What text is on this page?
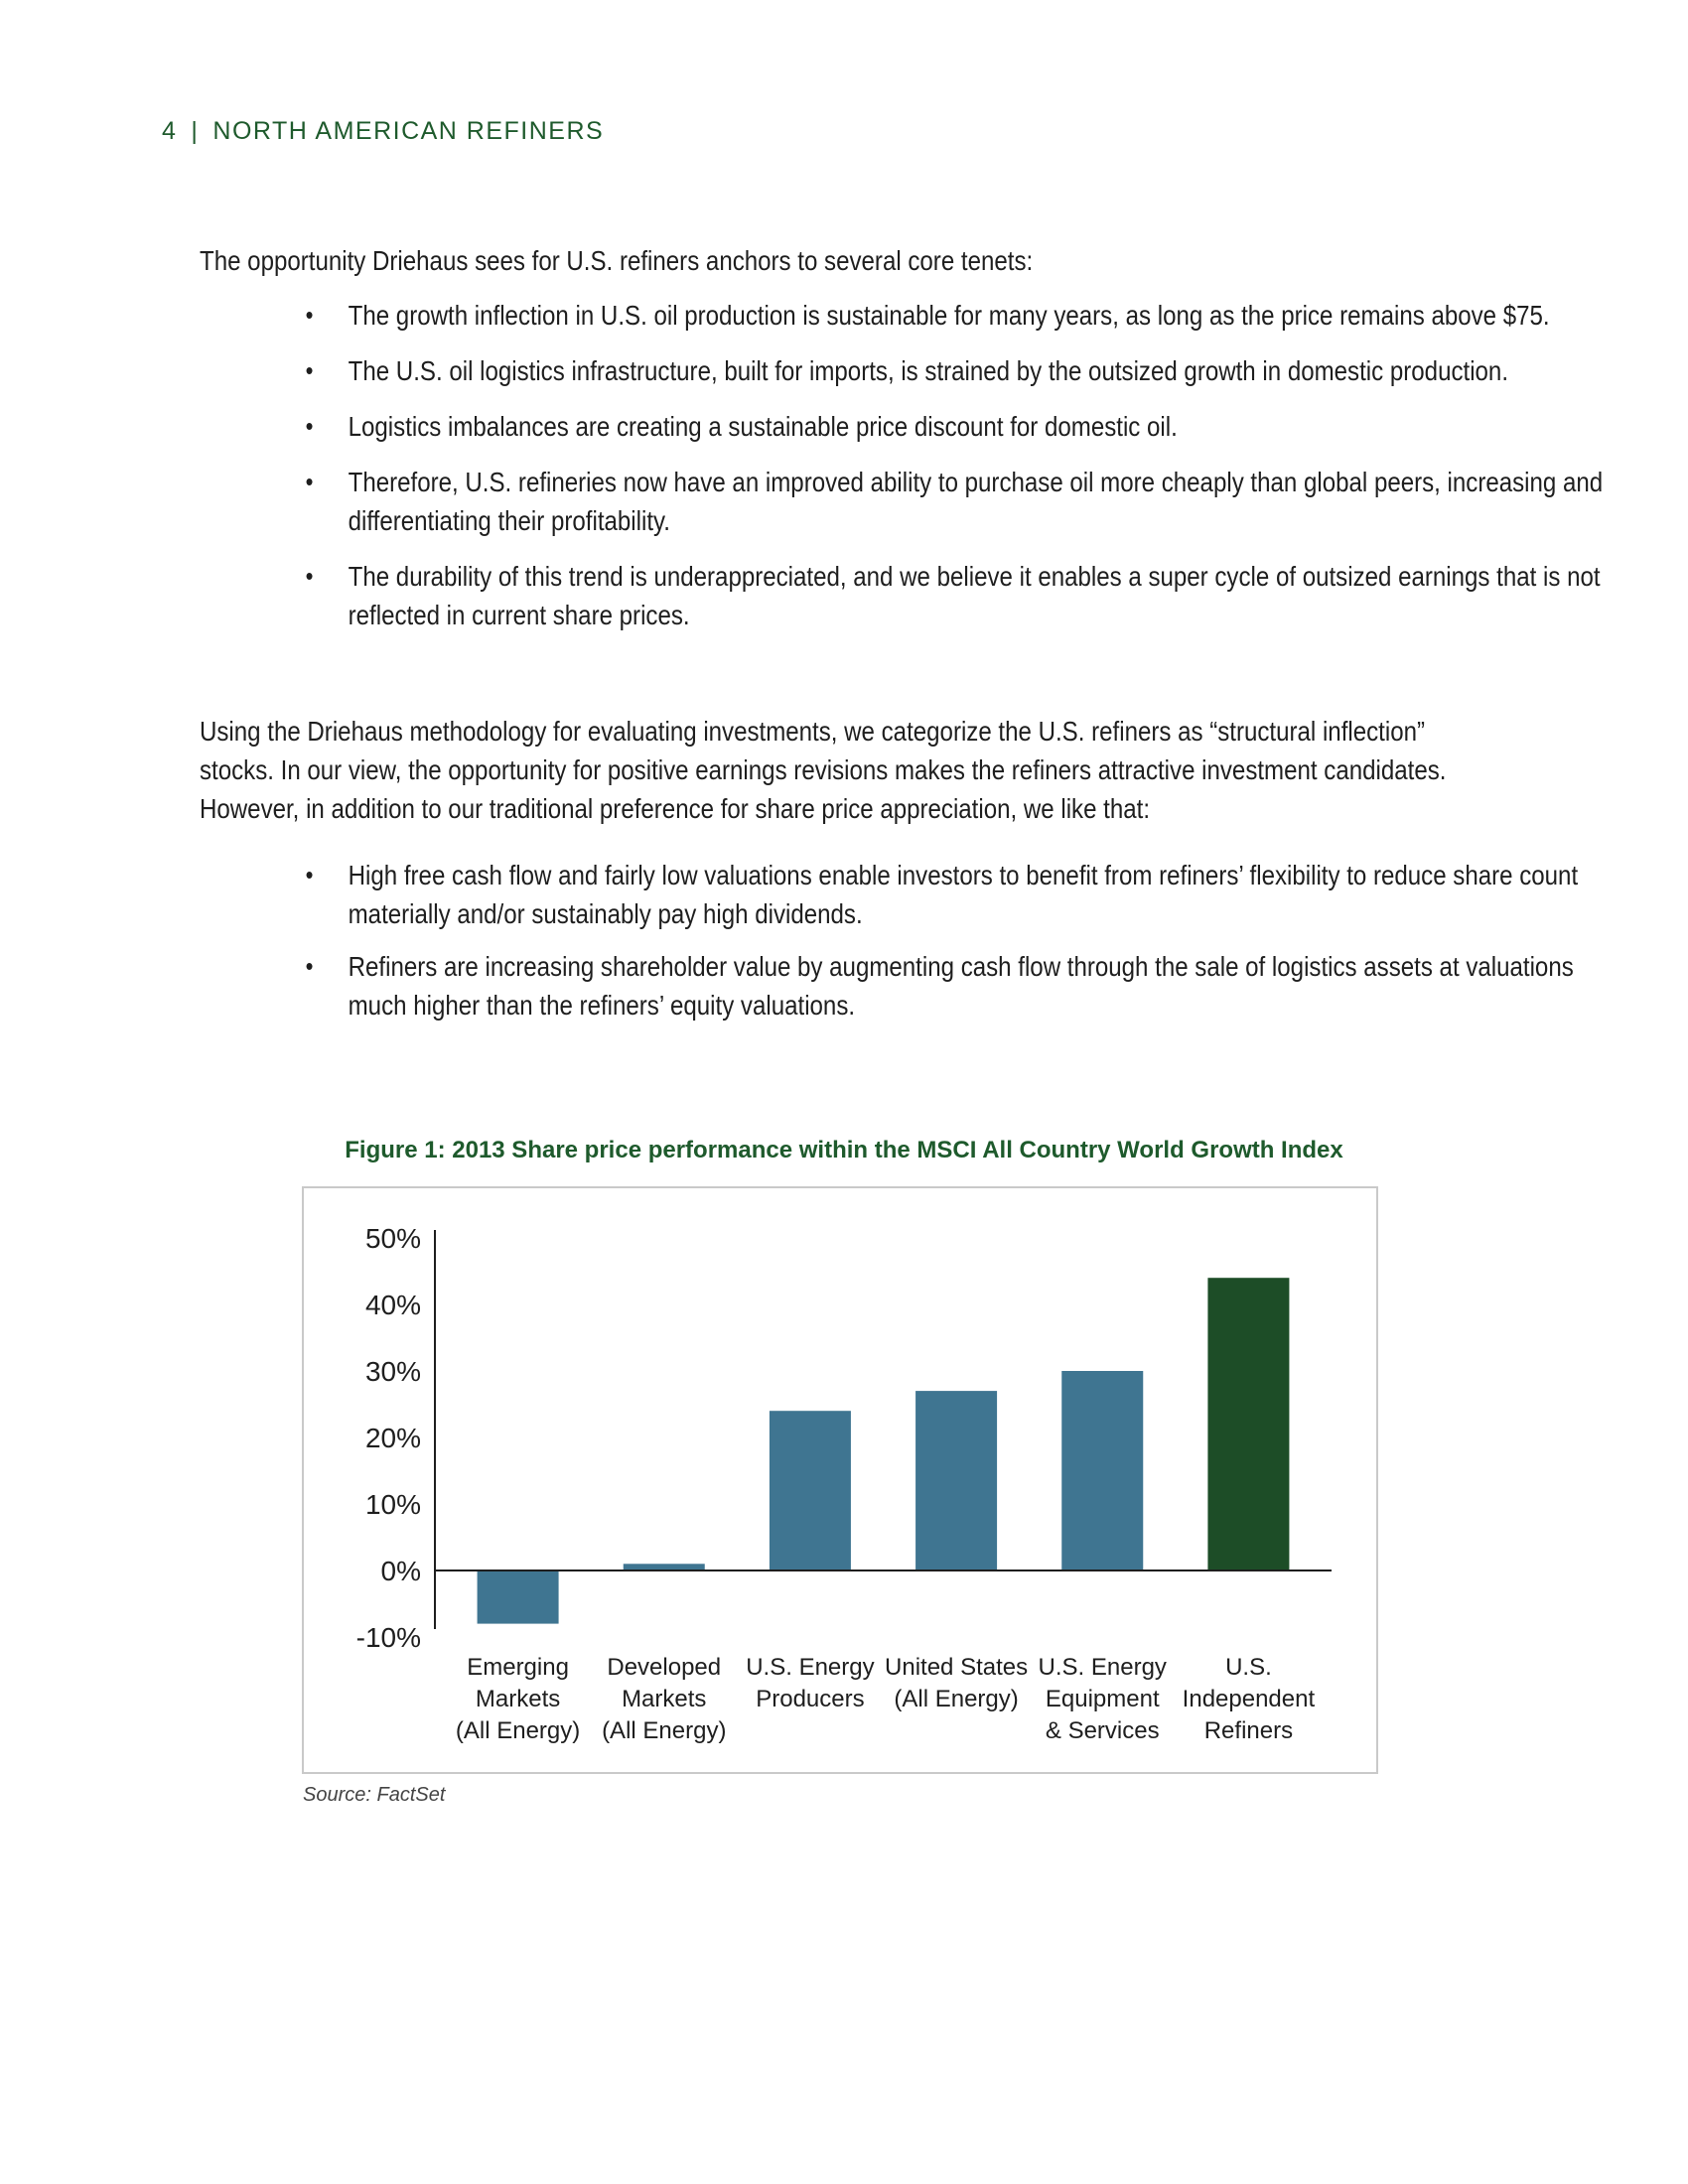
4 | NORTH AMERICAN REFINERS
The opportunity Driehaus sees for U.S. refiners anchors to several core tenets:
• The growth inflection in U.S. oil production is sustainable for many years, as long as the price remains above $75.
• The U.S. oil logistics infrastructure, built for imports, is strained by the outsized growth in domestic production.
• Logistics imbalances are creating a sustainable price discount for domestic oil.
• Therefore, U.S. refineries now have an improved ability to purchase oil more cheaply than global peers, increasing and differentiating their profitability.
• The durability of this trend is underappreciated, and we believe it enables a super cycle of outsized earnings that is not reflected in current share prices.
Using the Driehaus methodology for evaluating investments, we categorize the U.S. refiners as “structural inflection” stocks. In our view, the opportunity for positive earnings revisions makes the refiners attractive investment candidates. However, in addition to our traditional preference for share price appreciation, we like that:
• High free cash flow and fairly low valuations enable investors to benefit from refiners’ flexibility to reduce share count materially and/or sustainably pay high dividends.
• Refiners are increasing shareholder value by augmenting cash flow through the sale of logistics assets at valuations much higher than the refiners’ equity valuations.
Figure 1: 2013 Share price performance within the MSCI All Country World Growth Index
-10%
0%
10%
20%
30%
40%
50%
Emerging
Markets
(All Energy)
Developed
Markets
(All Energy)
U.S. Energy
Producers
United States
(All Energy)
U.S. Energy
Equipment
& Services
U.S.
Independent
Refiners
Source: FactSet
